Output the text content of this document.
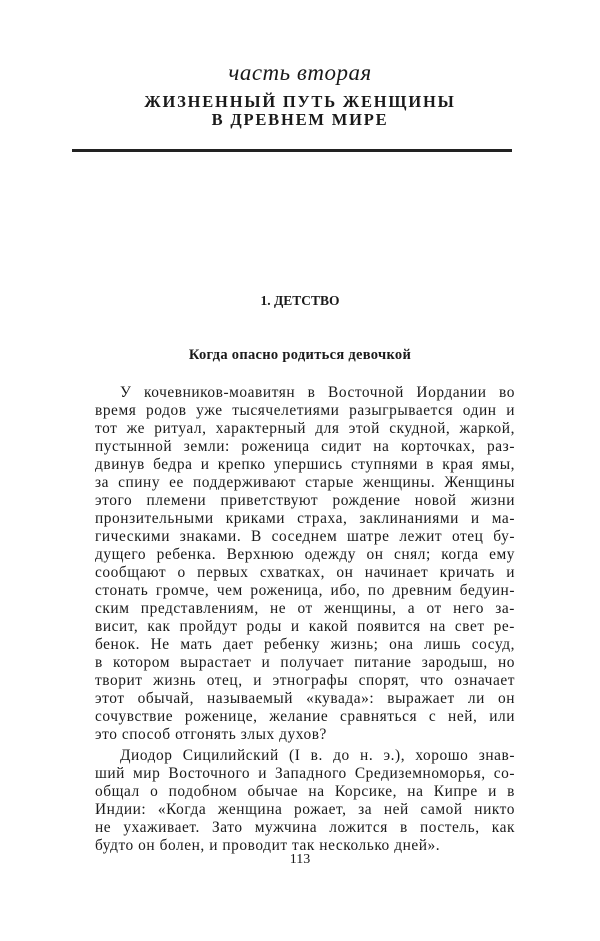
часть вторая
ЖИЗНЕННЫЙ ПУТЬ ЖЕНЩИНЫ
В ДРЕВНЕМ МИРЕ
1. ДЕТСТВО
Когда опасно родиться девочкой
У кочевников-моавитян в Восточной Иордании во
время родов уже тысячелетиями разыгрывается один и
тот же ритуал, характерный для этой скудной, жаркой,
пустынной земли: роженица сидит на корточках, раз-
двинув бедра и крепко упершись ступнями в края ямы,
за спину ее поддерживают старые женщины. Женщины
этого племени приветствуют рождение новой жизни
пронзительными криками страха, заклинаниями и ма-
гическими знаками. В соседнем шатре лежит отец бу-
дущего ребенка. Верхнюю одежду он снял; когда ему
сообщают о первых схватках, он начинает кричать и
стонать громче, чем роженица, ибо, по древним бедуин-
ским представлениям, не от женщины, а от него за-
висит, как пройдут роды и какой появится на свет ре-
бенок. Не мать дает ребенку жизнь; она лишь сосуд,
в котором вырастает и получает питание зародыш, но
творит жизнь отец, и этнографы спорят, что означает
этот обычай, называемый «кувада»: выражает ли он
сочувствие роженице, желание сравняться с ней, или
это способ отгонять злых духов?
Диодор Сицилийский (I в. до н. э.), хорошо знав-
ший мир Восточного и Западного Средиземноморья, со-
общал о подобном обычае на Корсике, на Кипре и в
Индии: «Когда женщина рожает, за ней самой никто
не ухаживает. Зато мужчина ложится в постель, как
будто он болен, и проводит так несколько дней».
113
